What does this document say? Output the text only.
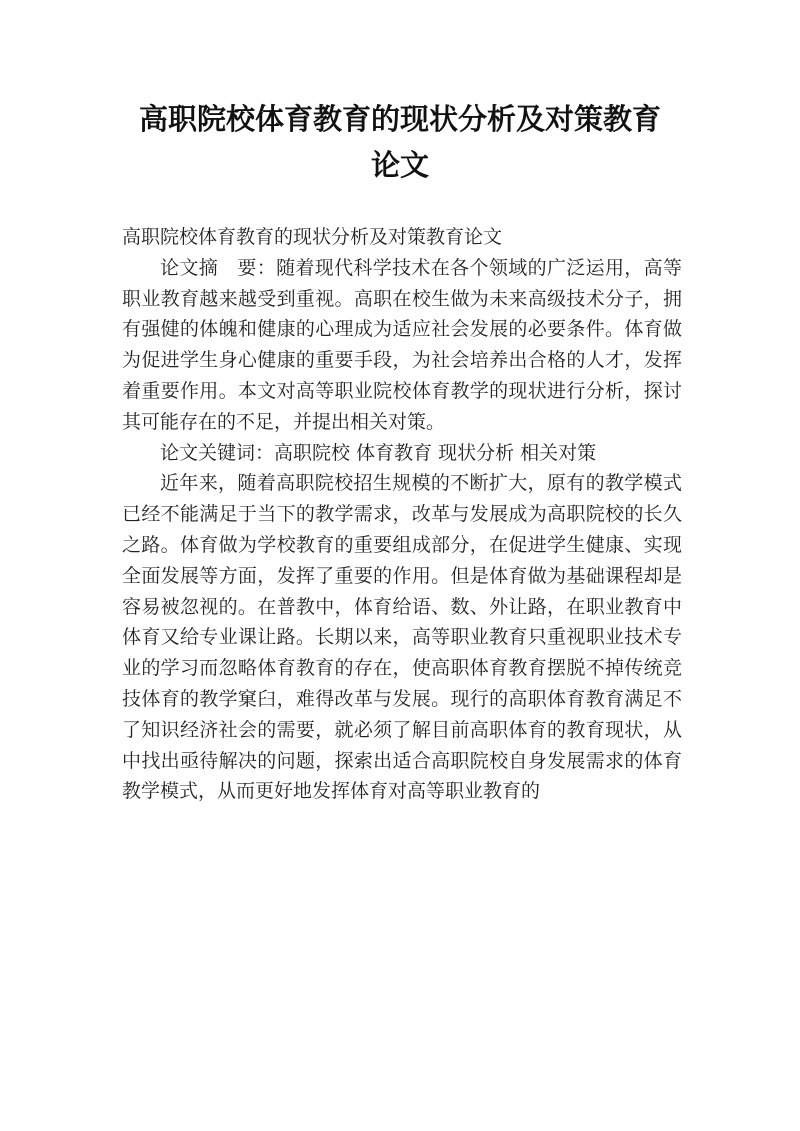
高职院校体育教育的现状分析及对策教育
论文

高职院校体育教育的现状分析及对策教育论文

论文摘　要：随着现代科学技术在各个领域的广泛运用，高等职业教育越来越受到重视。高职在校生做为未来高级技术分子，拥有强健的体魄和健康的心理成为适应社会发展的必要条件。体育做为促进学生身心健康的重要手段，为社会培养出合格的人才，发挥着重要作用。本文对高等职业院校体育教学的现状进行分析，探讨其可能存在的不足，并提出相关对策。

论文关键词：高职院校 体育教育 现状分析 相关对策

近年来，随着高职院校招生规模的不断扩大，原有的教学模式已经不能满足于当下的教学需求，改革与发展成为高职院校的长久之路。体育做为学校教育的重要组成部分，在促进学生健康、实现全面发展等方面，发挥了重要的作用。但是体育做为基础课程却是容易被忽视的。在普教中，体育给语、数、外让路，在职业教育中体育又给专业课让路。长期以来，高等职业教育只重视职业技术专业的学习而忽略体育教育的存在，使高职体育教育摆脱不掉传统竞技体育的教学窠臼，难得改革与发展。现行的高职体育教育满足不了知识经济社会的需要，就必须了解目前高职体育的教育现状，从中找出亟待解决的问题，探索出适合高职院校自身发展需求的体育教学模式，从而更好地发挥体育对高等职业教育的
